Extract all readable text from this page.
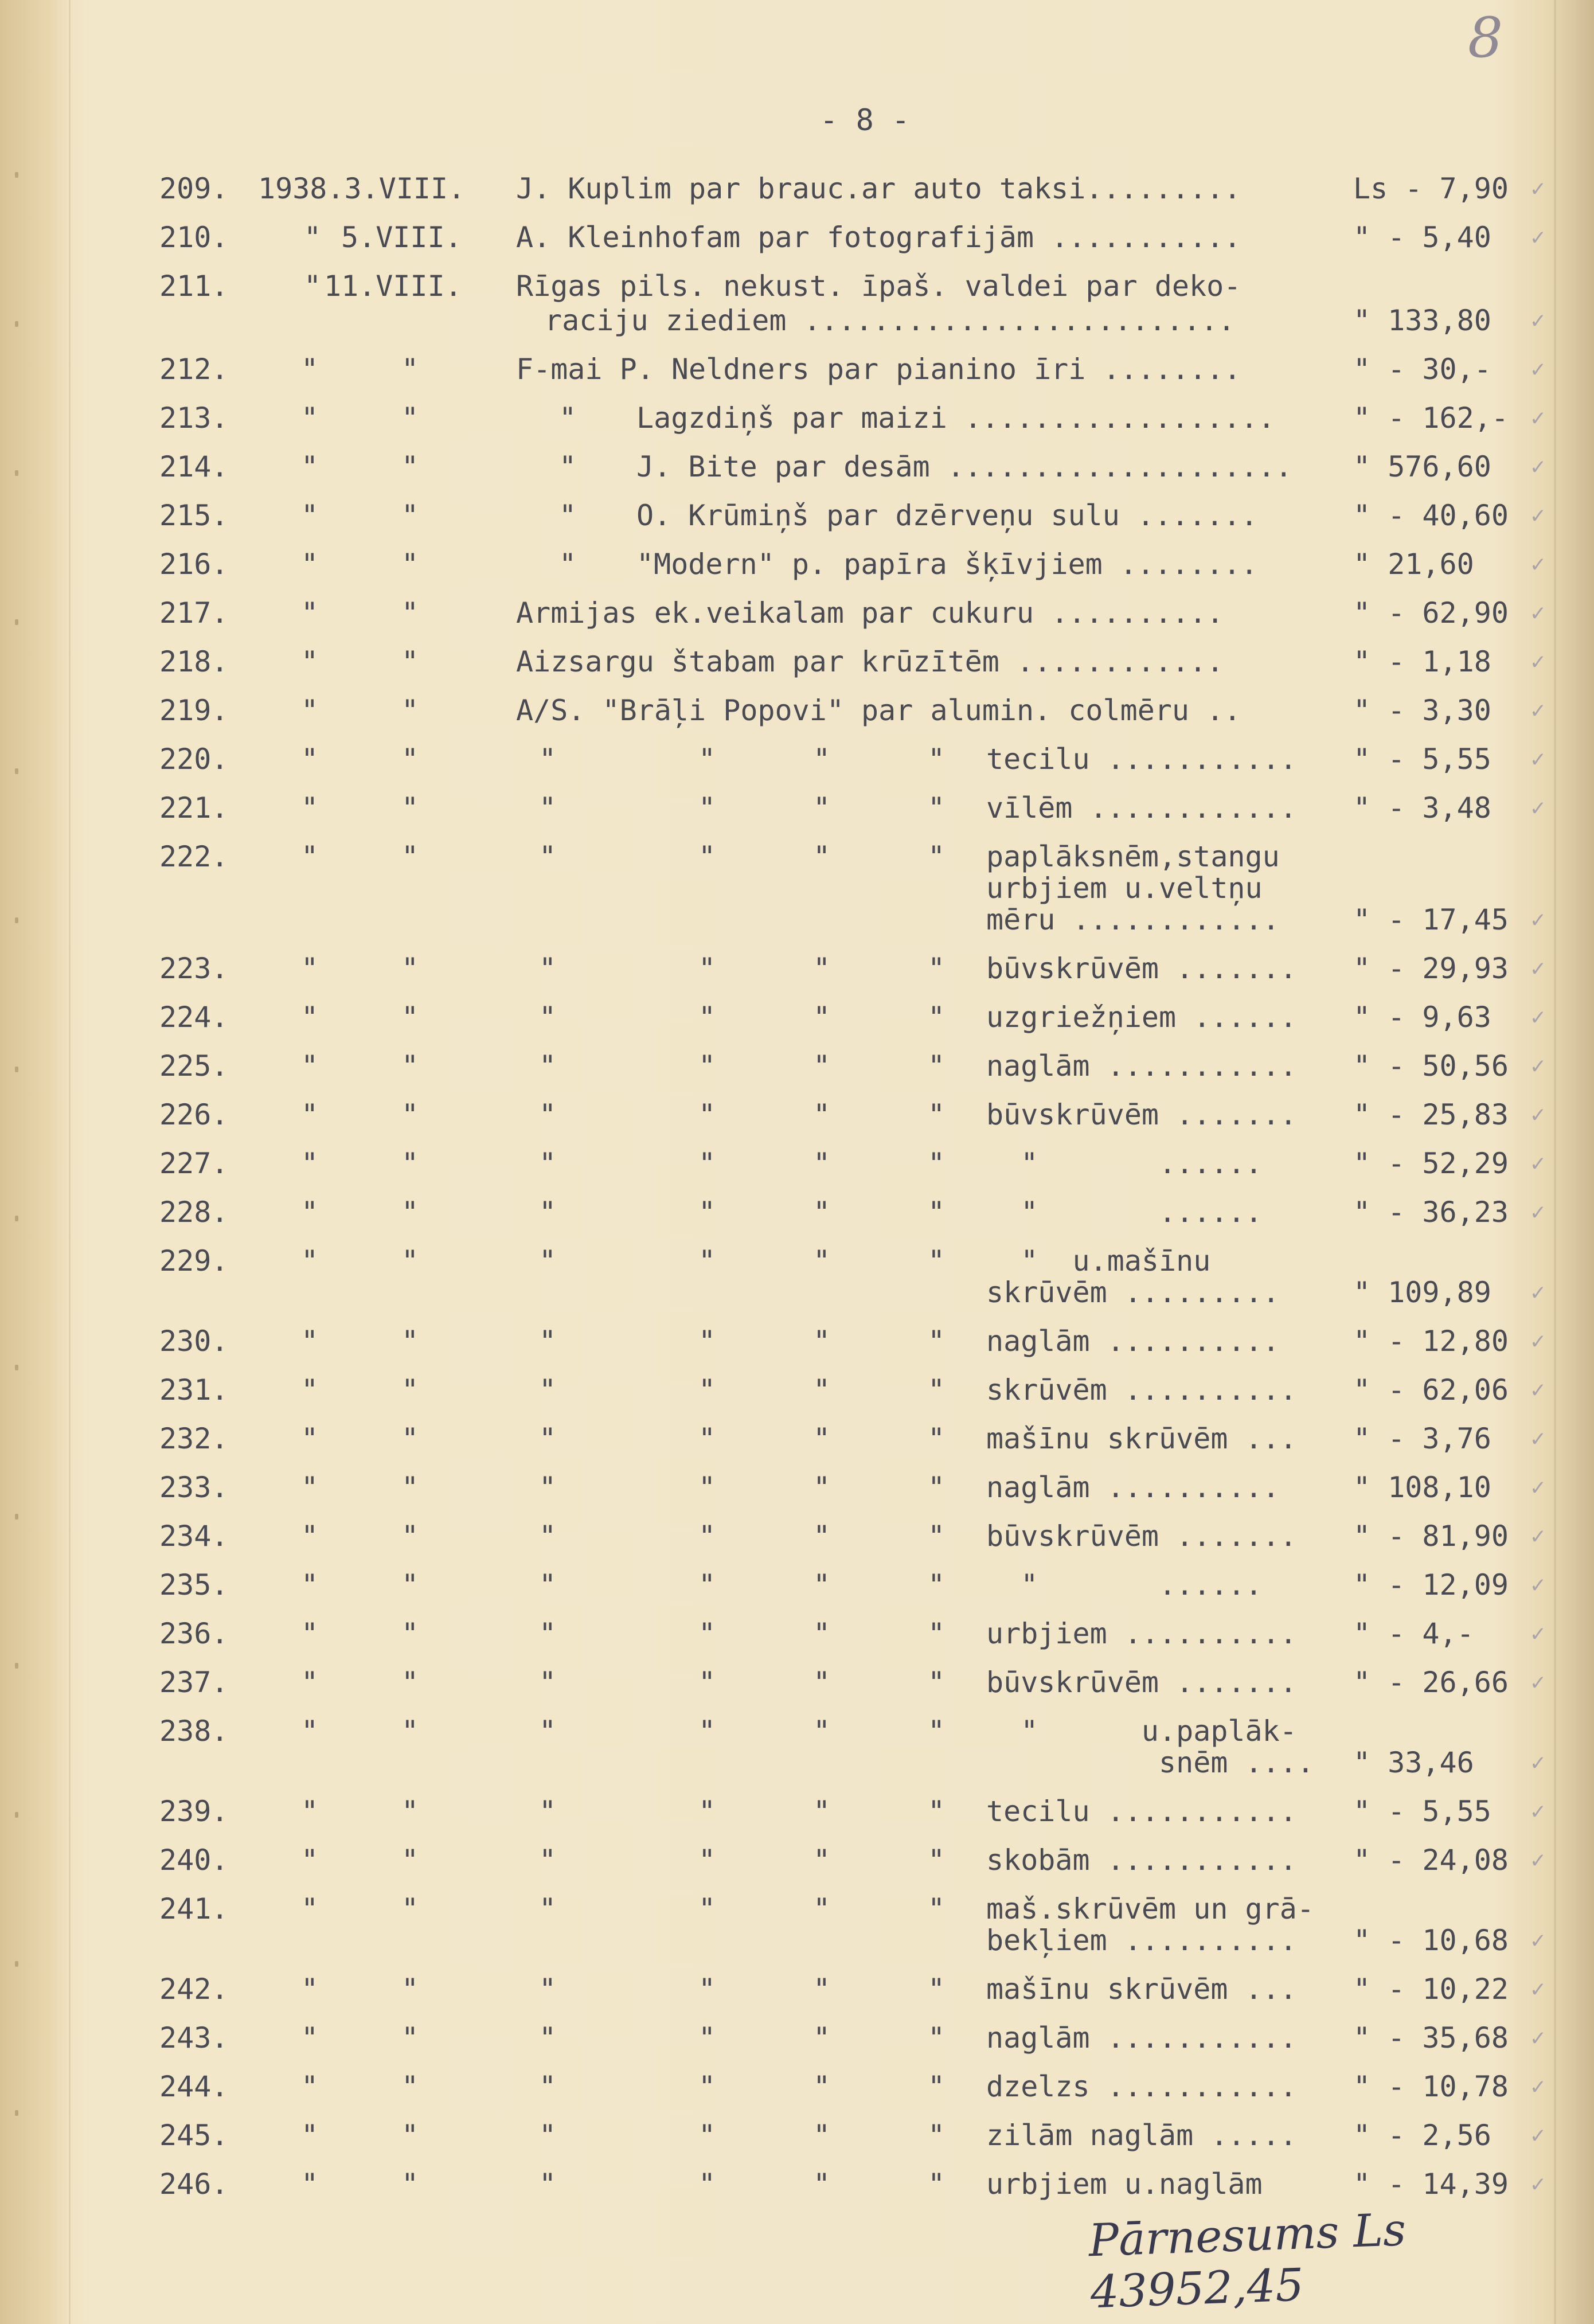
8
- 8 -
209. 1938.3.VIII. J. Kuplim par brauc.ar auto taksi.........	Ls - 7,90 ✓
210.	" 5.VIII. A. Kleinhofam par fotografijām ...........	" - 5,40 ✓
211.	" 11.VIII. Rīgas pils. nekust. īpaš. valdei par deko-
raciju ziediem .........................	" 133,80 ✓
212.	"	"	F-mai P. Neldners par pianino īri ........	" - 30,- ✓
213.	"	"	" Lagzdiņš par maizi ..................	" - 162,- ✓
214.	"	"	" J. Bite par desām .................... " 576,60 ✓
215.	"	"	" O. Krūmiņš par dzērveņu sulu .......	" - 40,60 ✓
216.	"	"	" "Modern" p. papīra šķīvjiem ........	" 21,60 ✓
217.	"	"	Armijas ek.veikalam par cukuru ..........	" - 62,90 ✓
218.	"	"	Aizsargu štabam par krūzītēm ............	" - 1,18 ✓
219.	"	"	A/S. "Brāļi Popovi" par alumin. colmēru ..	" - 3,30 ✓
220.	"	"	"	"	"	" tecilu ........... " - 5,55 ✓
221.	"	"	"	"	"	" vīlēm ............ " - 3,48 ✓
222.	"	"	"	"	"	" paplāksnēm,stangu
urbjiem u.veltņu
mēru ............	" - 17,45 ✓
223.	"	"	"	"	"	" būvskrūvēm ....... " - 29,93 ✓
224.	"	"	"	"	"	" uzgriežņiem ...... " - 9,63 ✓
225.	"	"	"	"	"	" naglām ........... " - 50,56 ✓
226.	"	"	"	"	"	" būvskrūvēm ....... " - 25,83 ✓
227.	"	"	"	"	"	" "       ......	" - 52,29 ✓
228.	"	"	"	"	"	" "       ......	" - 36,23 ✓
229.	"	"	"	"	"	" "  u.mašīnu
skrūvēm .........	" 109,89 ✓
230.	"	"	"	"	"	" naglām ..........	" - 12,80 ✓
231.	"	"	"	"	"	" skrūvēm .......... " - 62,06 ✓
232.	"	"	"	"	"	" mašīnu skrūvēm ... " - 3,76 ✓
233.	"	"	"	"	"	" naglām ..........	" 108,10 ✓
234.	"	"	"	"	"	" būvskrūvēm ....... " - 81,90 ✓
235.	"	"	"	"	"	" "       ......	" - 12,09 ✓
236.	"	"	"	"	"	" urbjiem .......... " - 4,- ✓
237.	"	"	"	"	"	" būvskrūvēm ....... " - 26,66 ✓
238.	"	"	"	"	"	" "      u.paplāk-
snēm .... " 33,46 ✓
239.	"	"	"	"	"	" tecilu ........... " - 5,55 ✓
240.	"	"	"	"	"	" skobām ........... " - 24,08 ✓
241.	"	"	"	"	"	" maš.skrūvēm un grā-
bekļiem .......... " - 10,68 ✓
242.	"	"	"	"	"	" mašīnu skrūvēm ... " - 10,22 ✓
243.	"	"	"	"	"	" naglām ........... " - 35,68 ✓
244.	"	"	"	"	"	" dzelzs ........... " - 10,78 ✓
245.	"	"	"	"	"	" zilām naglām ..... " - 2,56 ✓
246.	"	"	"	"	"	" urbjiem u.naglām	" - 14,39 ✓
Pārnesums Ls 43952,45
